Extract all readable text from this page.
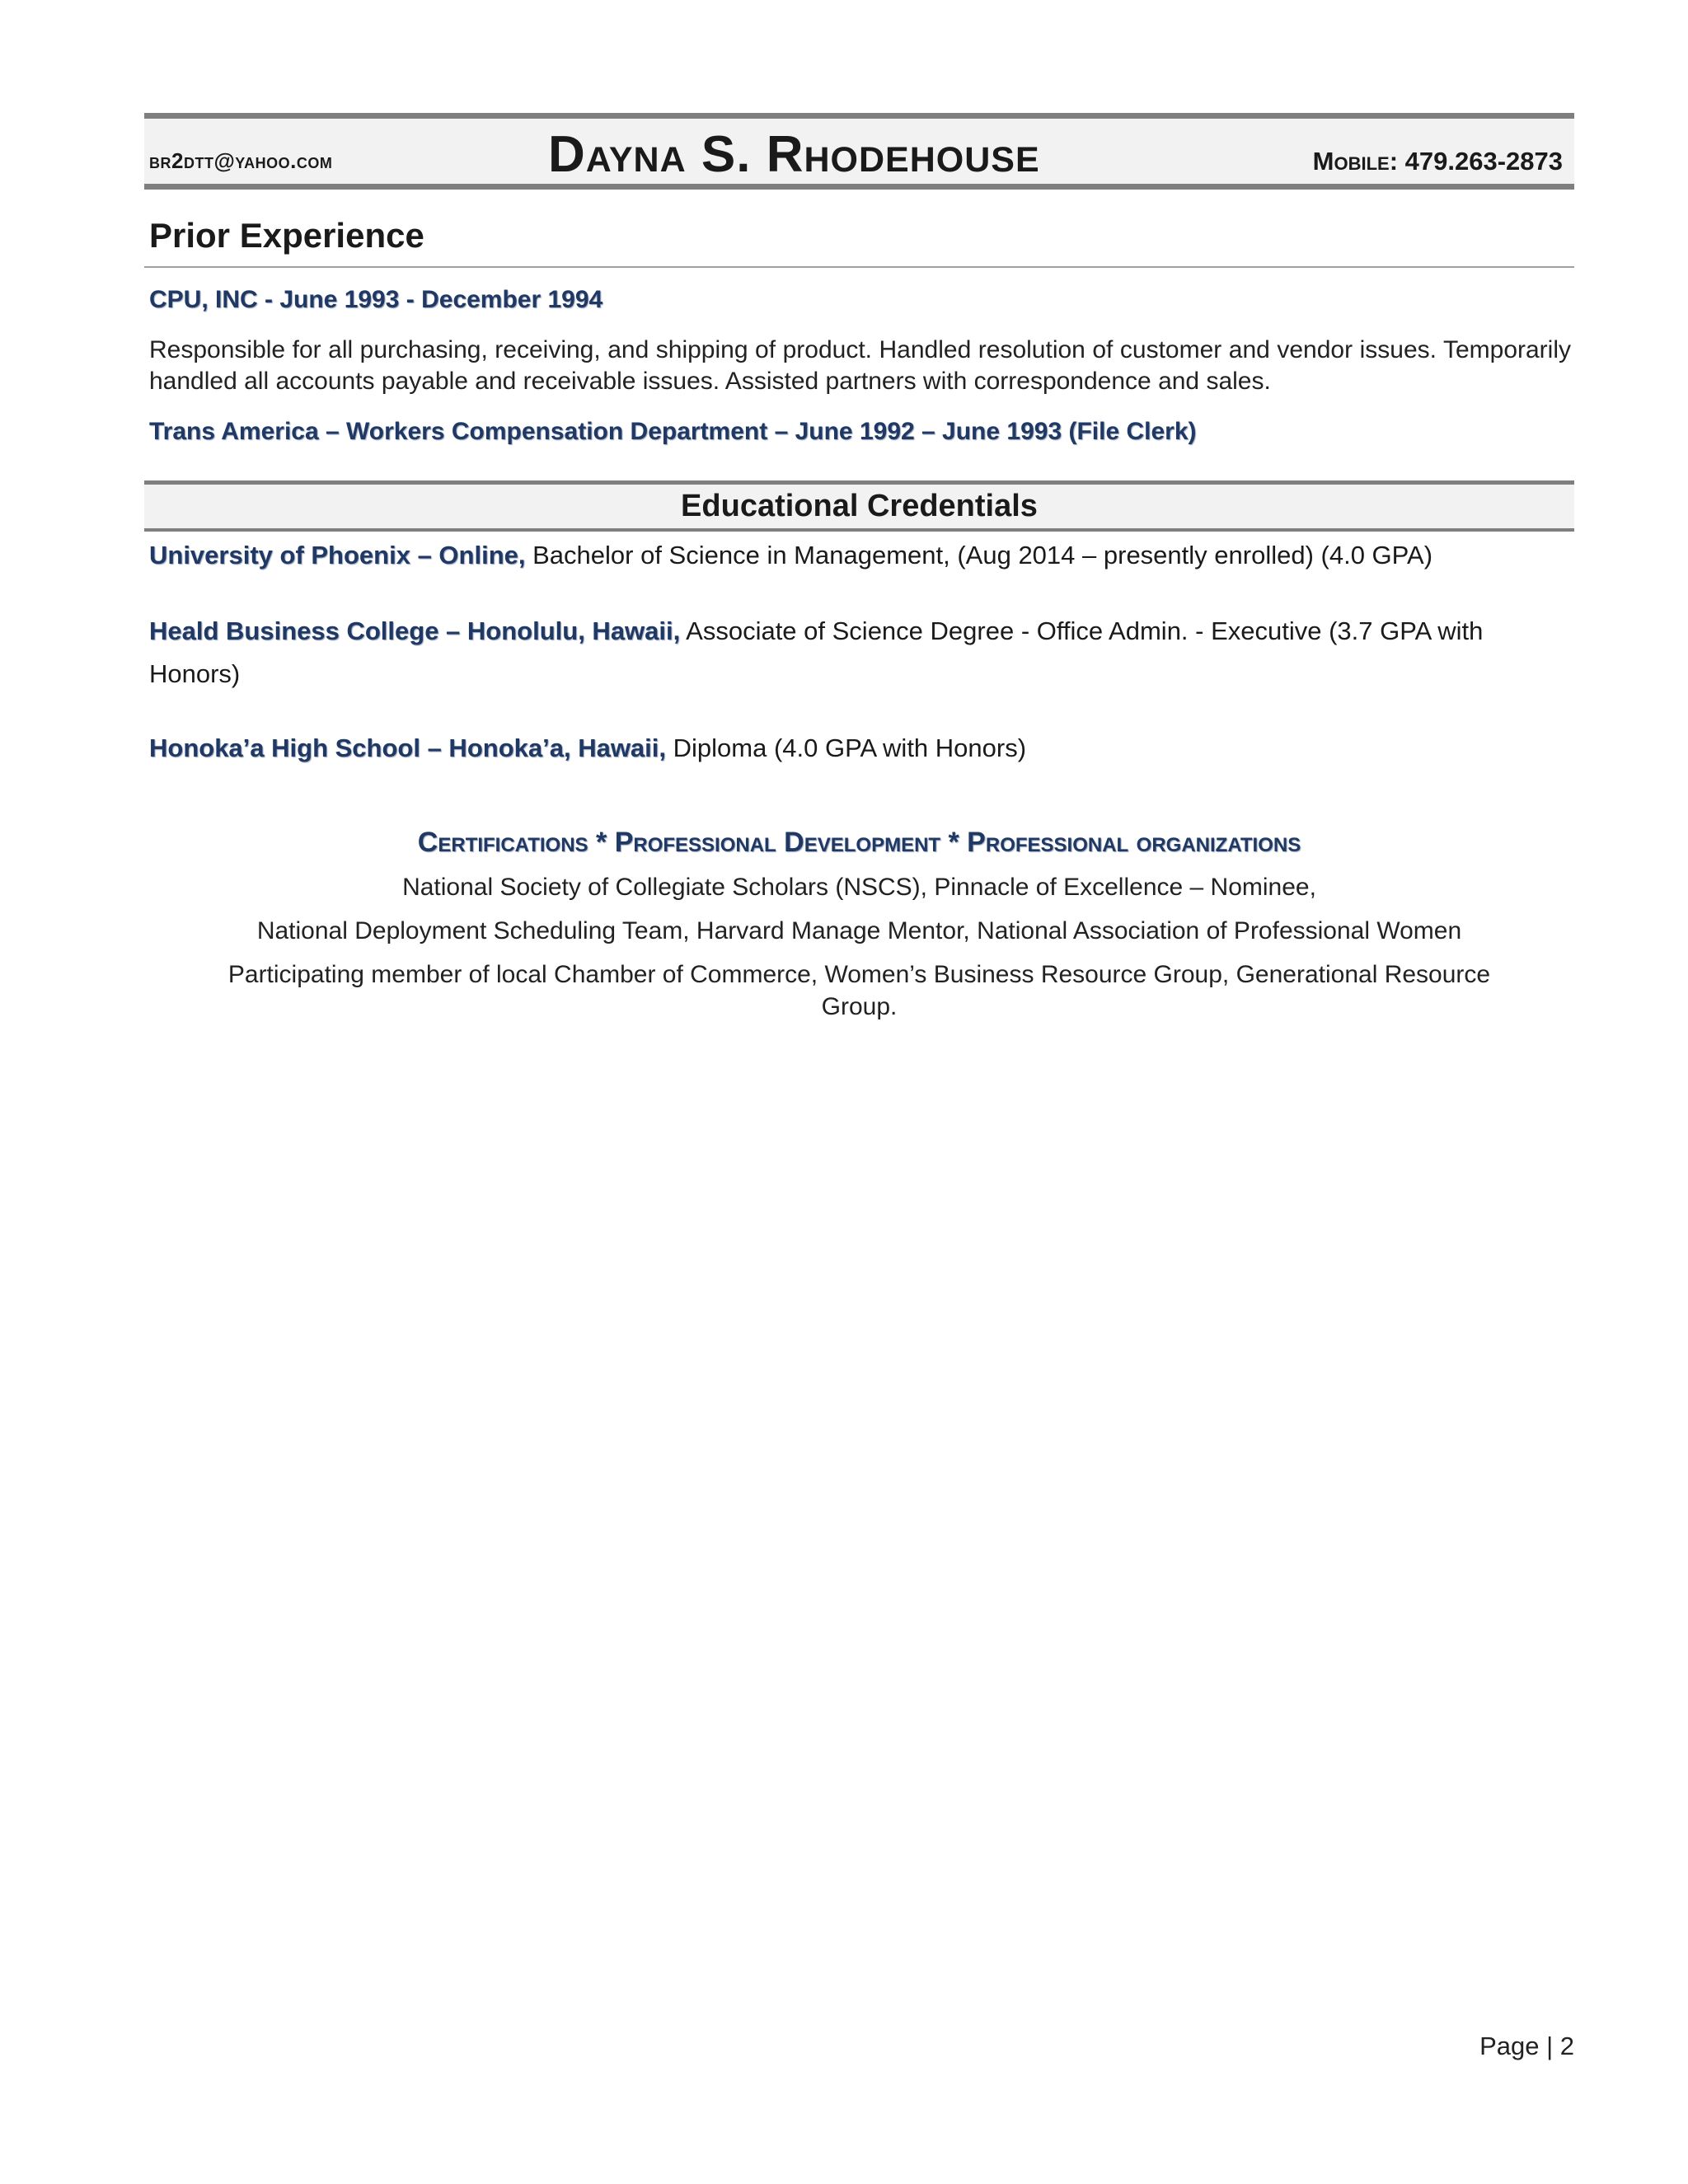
br2dtt@yahoo.com	Dayna S. Rhodehouse	Mobile: 479.263-2873
Prior Experience
CPU, INC - June 1993 - December 1994
Responsible for all purchasing, receiving, and shipping of product. Handled resolution of customer and vendor issues. Temporarily handled all accounts payable and receivable issues. Assisted partners with correspondence and sales.
Trans America – Workers Compensation Department – June 1992 – June 1993 (File Clerk)
Educational Credentials
University of Phoenix – Online, Bachelor of Science in Management, (Aug 2014 – presently enrolled) (4.0 GPA)
Heald Business College – Honolulu, Hawaii, Associate of Science Degree - Office Admin. - Executive (3.7 GPA with Honors)
Honoka’a High School – Honoka’a, Hawaii, Diploma (4.0 GPA with Honors)
Certifications * Professional Development * Professional organizations
National Society of Collegiate Scholars (NSCS), Pinnacle of Excellence – Nominee,
National Deployment Scheduling Team, Harvard Manage Mentor, National Association of Professional Women
Participating member of local Chamber of Commerce, Women’s Business Resource Group, Generational Resource
Group.
Page | 2
